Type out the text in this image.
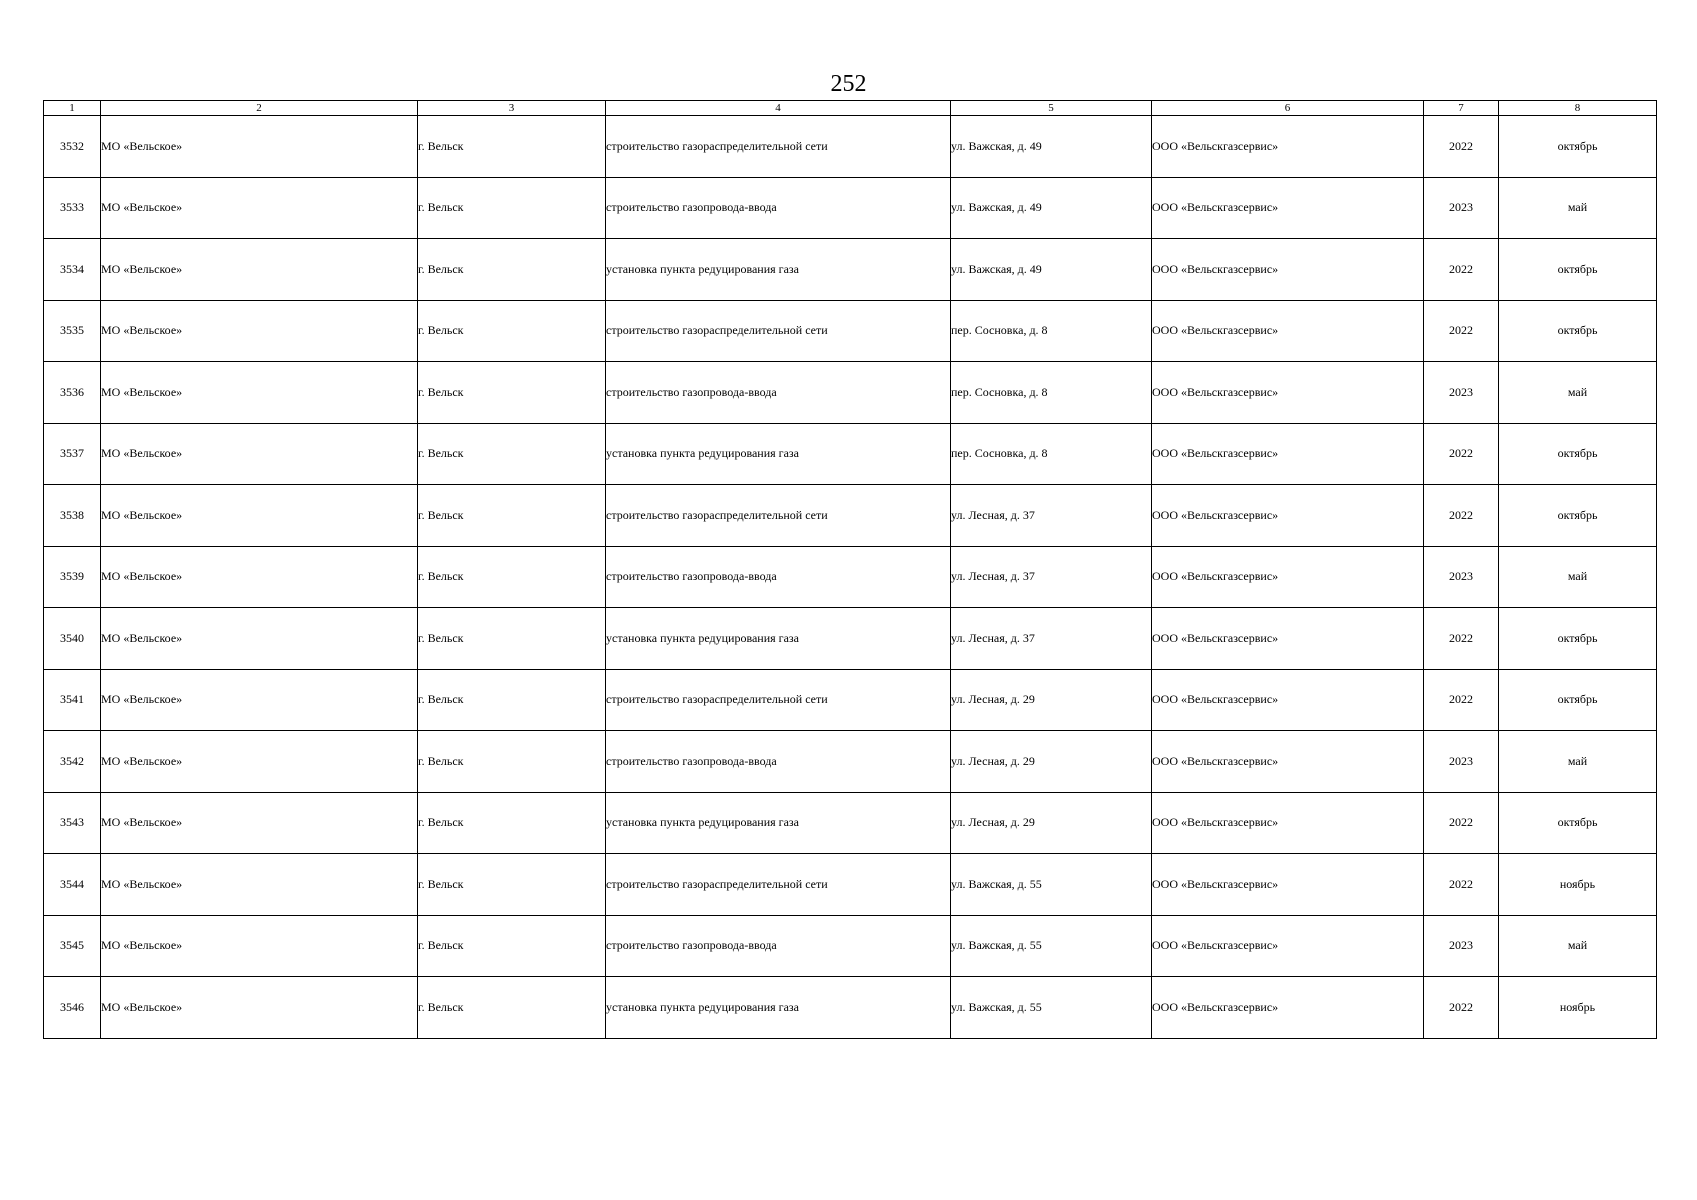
252
1	2	3	4	5	6	7	8
3532	МО «Вельское»	г. Вельск	строительство газораспределительной сети	ул. Важская, д. 49	ООО «Вельскгазсервис»	2022	октябрь
3533	МО «Вельское»	г. Вельск	строительство газопровода-ввода	ул. Важская, д. 49	ООО «Вельскгазсервис»	2023	май
3534	МО «Вельское»	г. Вельск	установка пункта редуцирования газа	ул. Важская, д. 49	ООО «Вельскгазсервис»	2022	октябрь
3535	МО «Вельское»	г. Вельск	строительство газораспределительной сети	пер. Сосновка, д. 8	ООО «Вельскгазсервис»	2022	октябрь
3536	МО «Вельское»	г. Вельск	строительство газопровода-ввода	пер. Сосновка, д. 8	ООО «Вельскгазсервис»	2023	май
3537	МО «Вельское»	г. Вельск	установка пункта редуцирования газа	пер. Сосновка, д. 8	ООО «Вельскгазсервис»	2022	октябрь
3538	МО «Вельское»	г. Вельск	строительство газораспределительной сети	ул. Лесная, д. 37	ООО «Вельскгазсервис»	2022	октябрь
3539	МО «Вельское»	г. Вельск	строительство газопровода-ввода	ул. Лесная, д. 37	ООО «Вельскгазсервис»	2023	май
3540	МО «Вельское»	г. Вельск	установка пункта редуцирования газа	ул. Лесная, д. 37	ООО «Вельскгазсервис»	2022	октябрь
3541	МО «Вельское»	г. Вельск	строительство газораспределительной сети	ул. Лесная, д. 29	ООО «Вельскгазсервис»	2022	октябрь
3542	МО «Вельское»	г. Вельск	строительство газопровода-ввода	ул. Лесная, д. 29	ООО «Вельскгазсервис»	2023	май
3543	МО «Вельское»	г. Вельск	установка пункта редуцирования газа	ул. Лесная, д. 29	ООО «Вельскгазсервис»	2022	октябрь
3544	МО «Вельское»	г. Вельск	строительство газораспределительной сети	ул. Важская, д. 55	ООО «Вельскгазсервис»	2022	ноябрь
3545	МО «Вельское»	г. Вельск	строительство газопровода-ввода	ул. Важская, д. 55	ООО «Вельскгазсервис»	2023	май
3546	МО «Вельское»	г. Вельск	установка пункта редуцирования газа	ул. Важская, д. 55	ООО «Вельскгазсервис»	2022	ноябрь
